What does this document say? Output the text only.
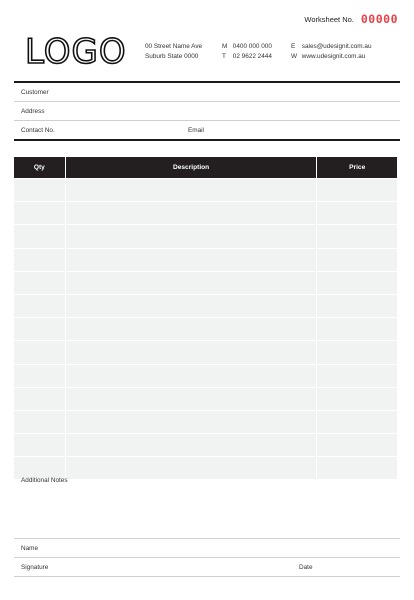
Worksheet No. 00000
LOGO	00 Street Name Ave
Suburb State 0000
M 0400 000 000
T 02 9622 2444
E sales@udesignit.com.au
W www.udesignit.com.au
Customer
Address
Contact No.	Email
Qty	Description	Price
Additional Notes
Name
Signature	Date
